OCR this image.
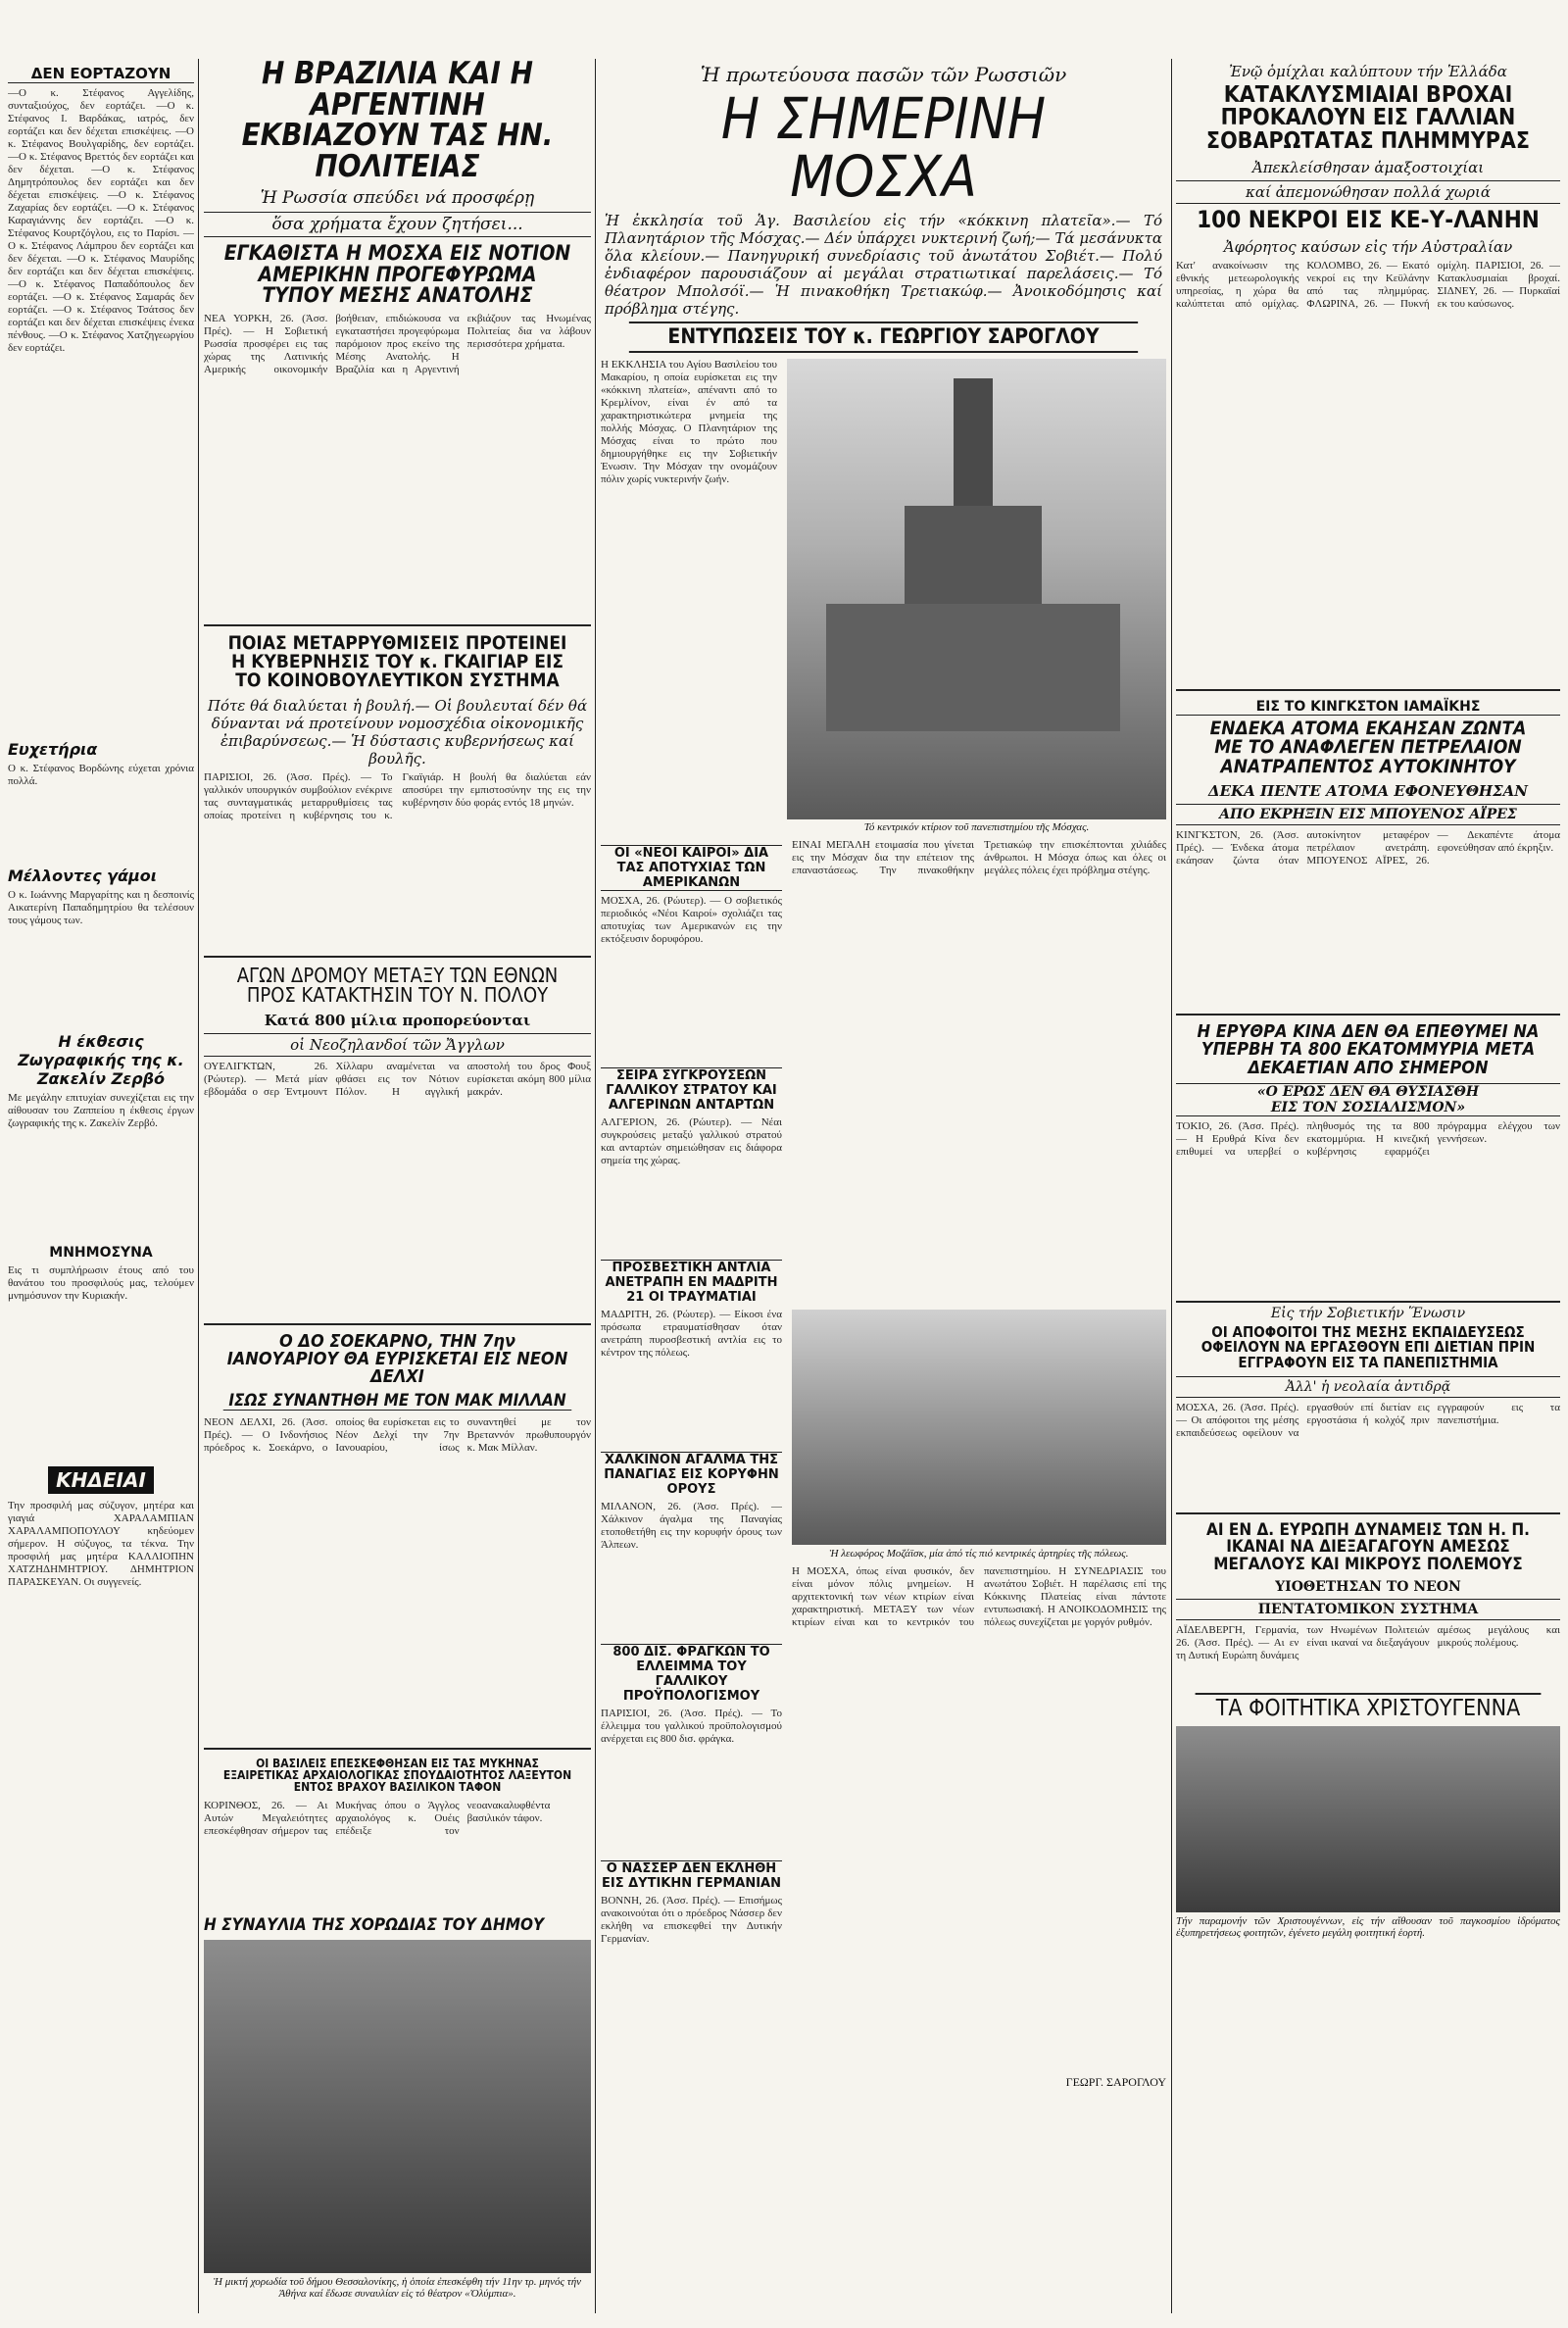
ΔΕΝ ΕΟΡΤΑΖΟΥΝ

—Ο κ. Στέφανος Αγγελίδης, συνταξιούχος, δεν εορτάζει. —Ο κ. Στέφανος Ι. Βαρδάκας, ιατρός, δεν εορτάζει και δεν δέχεται επισκέψεις. —Ο κ. Στέφανος Βουλγαρίδης, δεν εορτάζει. —Ο κ. Στέφανος Βρεττός δεν εορτάζει και δεν δέχεται. —Ο κ. Στέφανος Δημητρόπουλος δεν εορτάζει και δεν δέχεται επισκέψεις. —Ο κ. Στέφανος Ζαχαρίας δεν εορτάζει. —Ο κ. Στέφανος Καραγιάννης δεν εορτάζει. —Ο κ. Στέφανος Κουρτζόγλου, εις το Παρίσι. —Ο κ. Στέφανος Λάμπρου δεν εορτάζει και δεν δέχεται. —Ο κ. Στέφανος Μαυρίδης δεν εορτάζει και δεν δέχεται επισκέψεις. —Ο κ. Στέφανος Παπαδόπουλος δεν εορτάζει. —Ο κ. Στέφανος Σαμαράς δεν εορτάζει. —Ο κ. Στέφανος Τσάτσος δεν εορτάζει και δεν δέχεται επισκέψεις ένεκα πένθους. —Ο κ. Στέφανος Χατζηγεωργίου δεν εορτάζει.

Ευχετήρια

Ο κ. Στέφανος Βορδώνης εύχεται χρόνια πολλά.

Μέλλοντες γάμοι

Ο κ. Ιωάννης Μαργαρίτης και η δεσποινίς Αικατερίνη Παπαδημητρίου θα τελέσουν τους γάμους των.

Η έκθεσις Ζωγραφικής της κ. Ζακελίν Ζερβό

Με μεγάλην επιτυχίαν συνεχίζεται εις την αίθουσαν του Ζαππείου η έκθεσις έργων ζωγραφικής της κ. Ζακελίν Ζερβό.

ΜΝΗΜΟΣΥΝΑ

Εις τι συμπλήρωσιν έτους από του θανάτου του προσφιλούς μας, τελούμεν μνημόσυνον την Κυριακήν.

ΚΗΔΕΙΑΙ

Την προσφιλή μας σύζυγον, μητέρα και γιαγιά ΧΑΡΑΛΑΜΠΙΑΝ ΧΑΡΑΛΑΜΠΟΠΟΥΛΟΥ κηδεύομεν σήμερον. Η σύζυγος, τα τέκνα. Την προσφιλή μας μητέρα ΚΑΛΛΙΟΠΗΝ ΧΑΤΖΗΔΗΜΗΤΡΙΟΥ. ΔΗΜΗΤΡΙΟΝ ΠΑΡΑΣΚΕΥΑΝ. Οι συγγενείς.

Η ΒΡΑΖΙΛΙΑ ΚΑΙ Η ΑΡΓΕΝΤΙΝΗ ΕΚΒΙΑΖΟΥΝ ΤΑΣ ΗΝ. ΠΟΛΙΤΕΙΑΣ
Ἡ Ρωσσία σπεύδει νά προσφέρῃ
ὅσα χρήματα ἔχουν ζητήσει...
ΕΓΚΑΘΙΣΤΑ Η ΜΟΣΧΑ ΕΙΣ ΝΟΤΙΟΝ ΑΜΕΡΙΚΗΝ ΠΡΟΓΕΦΥΡΩΜΑ ΤΥΠΟΥ ΜΕΣΗΣ ΑΝΑΤΟΛΗΣ

ΝΕΑ ΥΟΡΚΗ, 26. (Ἀσσ. Πρές). — Η Σοβιετική Ρωσσία προσφέρει εις τας χώρας της Λατινικής Αμερικής οικονομικήν βοήθειαν, επιδιώκουσα να εγκαταστήσει προγεφύρωμα παρόμοιον προς εκείνο της Μέσης Ανατολής. Η Βραζιλία και η Αργεντινή εκβιάζουν τας Ηνωμένας Πολιτείας δια να λάβουν περισσότερα χρήματα.

ΠΟΙΑΣ ΜΕΤΑΡΡΥΘΜΙΣΕΙΣ ΠΡΟΤΕΙΝΕΙ Η ΚΥΒΕΡΝΗΣΙΣ ΤΟΥ κ. ΓΚΑΙΓΙΑΡ ΕΙΣ ΤΟ ΚΟΙΝΟΒΟΥΛΕΥΤΙΚΟΝ ΣΥΣΤΗΜΑ
Πότε θά διαλύεται ἡ βουλή.— Οἱ βουλευταί δέν θά δύνανται νά προτείνουν νομοσχέδια οἰκονομικῆς ἐπιβαρύνσεως.— Ἡ δύστασις κυβερνήσεως καί βουλῆς.

ΠΑΡΙΣΙΟΙ, 26. (Ἀσσ. Πρές). — Το γαλλικόν υπουργικόν συμβούλιον ενέκρινε τας συνταγματικάς μεταρρυθμίσεις τας οποίας προτείνει η κυβέρνησις του κ. Γκαϊγιάρ. Η βουλή θα διαλύεται εάν αποσύρει την εμπιστοσύνην της εις την κυβέρνησιν δύο φοράς εντός 18 μηνών.

ΑΓΩΝ ΔΡΟΜΟΥ ΜΕΤΑΞΥ ΤΩΝ ΕΘΝΩΝ ΠΡΟΣ ΚΑΤΑΚΤΗΣΙΝ ΤΟΥ Ν. ΠΟΛΟΥ
Κατά 800 μίλια προπορεύονται
οἱ Νεοζηλανδοί τῶν Ἄγγλων

ΟΥΕΛΙΓΚΤΩΝ, 26. (Ρώυτερ). — Μετά μίαν εβδομάδα ο σερ Έντμουντ Χίλλαρυ αναμένεται να φθάσει εις τον Νότιον Πόλον. Η αγγλική αποστολή του δρος Φουξ ευρίσκεται ακόμη 800 μίλια μακράν.

Ο ΔΟ ΣΟΕΚΑΡΝΟ, ΤΗΝ 7ην ΙΑΝΟΥΑΡΙΟΥ ΘΑ ΕΥΡΙΣΚΕΤΑΙ ΕΙΣ ΝΕΟΝ ΔΕΛΧΙ
ΙΣΩΣ ΣΥΝΑΝΤΗΘΗ ΜΕ ΤΟΝ ΜΑΚ ΜΙΛΛΑΝ

ΝΕΟΝ ΔΕΛΧΙ, 26. (Ἀσσ. Πρές). — Ο Ινδονήσιος πρόεδρος κ. Σοεκάρνο, ο οποίος θα ευρίσκεται εις το Νέον Δελχί την 7ην Ιανουαρίου, ίσως συναντηθεί με τον Βρεταννόν πρωθυπουργόν κ. Μακ Μίλλαν.

ΟΙ ΒΑΣΙΛΕΙΣ ΕΠΕΣΚΕΦΘΗΣΑΝ ΕΙΣ ΤΑΣ ΜΥΚΗΝΑΣ ΕΞΑΙΡΕΤΙΚΑΣ ΑΡΧΑΙΟΛΟΓΙΚΑΣ ΣΠΟΥΔΑΙΟΤΗΤΟΣ ΛΑΞΕΥΤΟΝ ΕΝΤΟΣ ΒΡΑΧΟΥ ΒΑΣΙΛΙΚΟΝ ΤΑΦΟΝ

ΚΟΡΙΝΘΟΣ, 26. — Αι Αυτών Μεγαλειότητες επεσκέφθησαν σήμερον τας Μυκήνας όπου ο Άγγλος αρχαιολόγος κ. Ουέις επέδειξε τον νεοανακαλυφθέντα βασιλικόν τάφον.

Η ΣΥΝΑΥΛΙΑ ΤΗΣ ΧΟΡΩΔΙΑΣ ΤΟΥ ΔΗΜΟΥ
Ἡ μικτή χορωδία τοῦ δήμου Θεσσαλονίκης, ἡ ὁποία ἐπεσκέφθη τήν 11ην τρ. μηνός τήν Ἀθήνα καί ἔδωσε συναυλίαν εἰς τό θέατρον «Ὀλύμπια».
Ἡ πρωτεύουσα πασῶν τῶν Ρωσσιῶν
Η ΣΗΜΕΡΙΝΗ ΜΟΣΧΑ
Ἡ ἐκκλησία τοῦ Ἁγ. Βασιλείου εἰς τήν «κόκκινη πλατεῖα».— Τό Πλανητάριον τῆς Μόσχας.— Δέν ὑπάρχει νυκτερινή ζωή;— Τά μεσάνυκτα ὅλα κλείουν.— Πανηγυρική συνεδρίασις τοῦ ἀνωτάτου Σοβιέτ.— Πολύ ἐνδιαφέρον παρουσιάζουν αἱ μεγάλαι στρατιωτικαί παρελάσεις.— Τό θέατρον Μπολσόϊ.— Ἡ πινακοθήκη Τρετιακώφ.— Ἀνοικοδόμησις καί πρόβλημα στέγης.
ΕΝΤΥΠΩΣΕΙΣ ΤΟΥ κ. ΓΕΩΡΓΙΟΥ ΣΑΡΟΓΛΟΥ

Η ΕΚΚΛΗΣΙΑ του Αγίου Βασιλείου του Μακαρίου, η οποία ευρίσκεται εις την «κόκκινη πλατεία», απέναντι από το Κρεμλίνον, είναι έν από τα χαρακτηριστικώτερα μνημεία της πολλής Μόσχας. Ο Πλανητάριον της Μόσχας είναι το πρώτο που δημιουργήθηκε εις την Σοβιετικήν Ένωσιν. Την Μόσχαν την ονομάζουν πόλιν χωρίς νυκτερινήν ζωήν.

Τό κεντρικόν κτίριον τοῦ πανεπιστημίου τῆς Μόσχας.
ΟΙ «ΝΕΟΙ ΚΑΙΡΟΙ» ΔΙΑ ΤΑΣ ΑΠΟΤΥΧΙΑΣ ΤΩΝ ΑΜΕΡΙΚΑΝΩΝ

ΜΟΣΧΑ, 26. (Ρώυτερ). — Ο σοβιετικός περιοδικός «Νέοι Καιροί» σχολιάζει τας αποτυχίας των Αμερικανών εις την εκτόξευσιν δορυφόρου.

ΣΕΙΡΑ ΣΥΓΚΡΟΥΣΕΩΝ ΓΑΛΛΙΚΟΥ ΣΤΡΑΤΟΥ ΚΑΙ ΑΛΓΕΡΙΝΩΝ ΑΝΤΑΡΤΩΝ

ΑΛΓΕΡΙΟΝ, 26. (Ρώυτερ). — Νέαι συγκρούσεις μεταξύ γαλλικού στρατού και ανταρτών σημειώθησαν εις διάφορα σημεία της χώρας.

ΠΡΟΣΒΕΣΤΙΚΗ ΑΝΤΛΙΑ ΑΝΕΤΡΑΠΗ ΕΝ ΜΑΔΡΙΤΗ 21 ΟΙ ΤΡΑΥΜΑΤΙΑΙ

ΜΑΔΡΙΤΗ, 26. (Ρώυτερ). — Είκοσι ένα πρόσωπα ετραυματίσθησαν όταν ανετράπη πυροσβεστική αντλία εις το κέντρον της πόλεως.

ΧΑΛΚΙΝΟΝ ΑΓΑΛΜΑ ΤΗΣ ΠΑΝΑΓΙΑΣ ΕΙΣ ΚΟΡΥΦΗΝ ΟΡΟΥΣ

ΜΙΛΑΝΟΝ, 26. (Ἀσσ. Πρές). — Χάλκινον άγαλμα της Παναγίας ετοποθετήθη εις την κορυφήν όρους των Άλπεων.

800 ΔΙΣ. ΦΡΑΓΚΩΝ ΤΟ ΕΛΛΕΙΜΜΑ ΤΟΥ ΓΑΛΛΙΚΟΥ ΠΡΟΫΠΟΛΟΓΙΣΜΟΥ

ΠΑΡΙΣΙΟΙ, 26. (Ἀσσ. Πρές). — Το έλλειμμα του γαλλικού προϋπολογισμού ανέρχεται εις 800 δισ. φράγκα.

Ο ΝΑΣΣΕΡ ΔΕΝ ΕΚΛΗΘΗ ΕΙΣ ΔΥΤΙΚΗΝ ΓΕΡΜΑΝΙΑΝ

ΒΟΝΝΗ, 26. (Ἀσσ. Πρές). — Επισήμως ανακοινούται ότι ο πρόεδρος Νάσσερ δεν εκλήθη να επισκεφθεί την Δυτικήν Γερμανίαν.

ΕΙΝΑΙ ΜΕΓΑΛΗ ετοιμασία που γίνεται εις την Μόσχαν δια την επέτειον της επαναστάσεως. Την πινακοθήκην Τρετιακώφ την επισκέπτονται χιλιάδες άνθρωποι. Η Μόσχα όπως και όλες οι μεγάλες πόλεις έχει πρόβλημα στέγης.

Ἡ λεωφόρος Μοζάϊσκ, μία ἀπό τίς πιό κεντρικές ἀρτηρίες τῆς πόλεως.

Η ΜΟΣΧΑ, όπως είναι φυσικόν, δεν είναι μόνον πόλις μνημείων. Η αρχιτεκτονική των νέων κτιρίων είναι χαρακτηριστική. ΜΕΤΑΞΥ των νέων κτιρίων είναι και το κεντρικόν του πανεπιστημίου. Η ΣΥΝΕΔΡΙΑΣΙΣ του ανωτάτου Σοβιέτ. Η παρέλασις επί της Κόκκινης Πλατείας είναι πάντοτε εντυπωσιακή. Η ΑΝΟΙΚΟΔΟΜΗΣΙΣ της πόλεως συνεχίζεται με γοργόν ρυθμόν.

ΓΕΩΡΓ. ΣΑΡΟΓΛΟΥ
Ἐνῷ ὁμίχλαι καλύπτουν τήν Ἑλλάδα
ΚΑΤΑΚΛΥΣΜΙΑΙΑΙ ΒΡΟΧΑΙ ΠΡΟΚΑΛΟΥΝ ΕΙΣ ΓΑΛΛΙΑΝ ΣΟΒΑΡΩΤΑΤΑΣ ΠΛΗΜΜΥΡΑΣ
Ἀπεκλείσθησαν ἁμαξοστοιχίαι
καί ἀπεμονώθησαν πολλά χωριά
100 ΝΕΚΡΟΙ ΕΙΣ ΚΕ-Υ-ΛΑΝΗΝ
Ἀφόρητος καύσων εἰς τήν Αὐστραλίαν

Κατ' ανακοίνωσιν της εθνικής μετεωρολογικής υπηρεσίας, η χώρα θα καλύπτεται από ομίχλας. ΚΟΛΟΜΒΟ, 26. — Εκατό νεκροί εις την Κεϋλάνην από τας πλημμύρας. ΦΛΩΡΙΝΑ, 26. — Πυκνή ομίχλη. ΠΑΡΙΣΙΟΙ, 26. — Κατακλυσμιαίαι βροχαί. ΣΙΔΝΕΥ, 26. — Πυρκαϊαί εκ του καύσωνος.

ΕΙΣ ΤΟ ΚΙΝΓΚΣΤΟΝ ΙΑΜΑΪΚΗΣ
ΕΝΔΕΚΑ ΑΤΟΜΑ ΕΚΑΗΣΑΝ ΖΩΝΤΑ ΜΕ ΤΟ ΑΝΑΦΛΕΓΕΝ ΠΕΤΡΕΛΑΙΟΝ ΑΝΑΤΡΑΠΕΝΤΟΣ ΑΥΤΟΚΙΝΗΤΟΥ
ΔΕΚΑ ΠΕΝΤΕ ΑΤΟΜΑ ΕΦΟΝΕΥΘΗΣΑΝ
ΑΠΟ ΕΚΡΗΞΙΝ ΕΙΣ ΜΠΟΥΕΝΟΣ ΑΪΡΕΣ

ΚΙΝΓΚΣΤΟΝ, 26. (Ἀσσ. Πρές). — Ένδεκα άτομα εκάησαν ζώντα όταν αυτοκίνητον μεταφέρον πετρέλαιον ανετράπη. ΜΠΟΥΕΝΟΣ ΑΪΡΕΣ, 26. — Δεκαπέντε άτομα εφονεύθησαν από έκρηξιν.

Η ΕΡΥΘΡΑ ΚΙΝΑ ΔΕΝ ΘΑ ΕΠΕΘΥΜΕΙ ΝΑ ΥΠΕΡΒΗ ΤΑ 800 ΕΚΑΤΟΜΜΥΡΙΑ ΜΕΤΑ ΔΕΚΑΕΤΙΑΝ ΑΠΟ ΣΗΜΕΡΟΝ
«Ο ΕΡΩΣ ΔΕΝ ΘΑ ΘΥΣΙΑΣΘΗ
ΕΙΣ ΤΟΝ ΣΟΣΙΑΛΙΣΜΟΝ»

ΤΟΚΙΟ, 26. (Ἀσσ. Πρές). — Η Ερυθρά Κίνα δεν επιθυμεί να υπερβεί ο πληθυσμός της τα 800 εκατομμύρια. Η κινεζική κυβέρνησις εφαρμόζει πρόγραμμα ελέγχου των γεννήσεων.

Εἰς τήν Σοβιετικήν Ἕνωσιν
ΟΙ ΑΠΟΦΟΙΤΟΙ ΤΗΣ ΜΕΣΗΣ ΕΚΠΑΙΔΕΥΣΕΩΣ ΟΦΕΙΛΟΥΝ ΝΑ ΕΡΓΑΣΘΟΥΝ ΕΠΙ ΔΙΕΤΙΑΝ ΠΡΙΝ ΕΓΓΡΑΦΟΥΝ ΕΙΣ ΤΑ ΠΑΝΕΠΙΣΤΗΜΙΑ
Ἀλλ' ἡ νεολαία ἀντιδρᾷ

ΜΟΣΧΑ, 26. (Ἀσσ. Πρές). — Οι απόφοιτοι της μέσης εκπαιδεύσεως οφείλουν να εργασθούν επί διετίαν εις εργοστάσια ή κολχόζ πριν εγγραφούν εις τα πανεπιστήμια.

ΑΙ ΕΝ Δ. ΕΥΡΩΠΗ ΔΥΝΑΜΕΙΣ ΤΩΝ Η. Π. ΙΚΑΝΑΙ ΝΑ ΔΙΕΞΑΓΑΓΟΥΝ ΑΜΕΣΩΣ ΜΕΓΑΛΟΥΣ ΚΑΙ ΜΙΚΡΟΥΣ ΠΟΛΕΜΟΥΣ
ΥΙΟΘΕΤΗΣΑΝ ΤΟ ΝΕΟΝ
ΠΕΝΤΑΤΟΜΙΚΟΝ ΣΥΣΤΗΜΑ

ΑΪΔΕΛΒΕΡΓΗ, Γερμανία, 26. (Ἀσσ. Πρές). — Αι εν τη Δυτική Ευρώπη δυνάμεις των Ηνωμένων Πολιτειών είναι ικαναί να διεξαγάγουν αμέσως μεγάλους και μικρούς πολέμους.

ΤΑ ΦΟΙΤΗΤΙΚΑ ΧΡΙΣΤΟΥΓΕΝΝΑ
Τήν παραμονήν τῶν Χριστουγέννων, εἰς τήν αἴθουσαν τοῦ παγκοσμίου ἱδρύματος ἐξυπηρετήσεως φοιτητῶν, ἐγένετο μεγάλη φοιτητική ἑορτή.
